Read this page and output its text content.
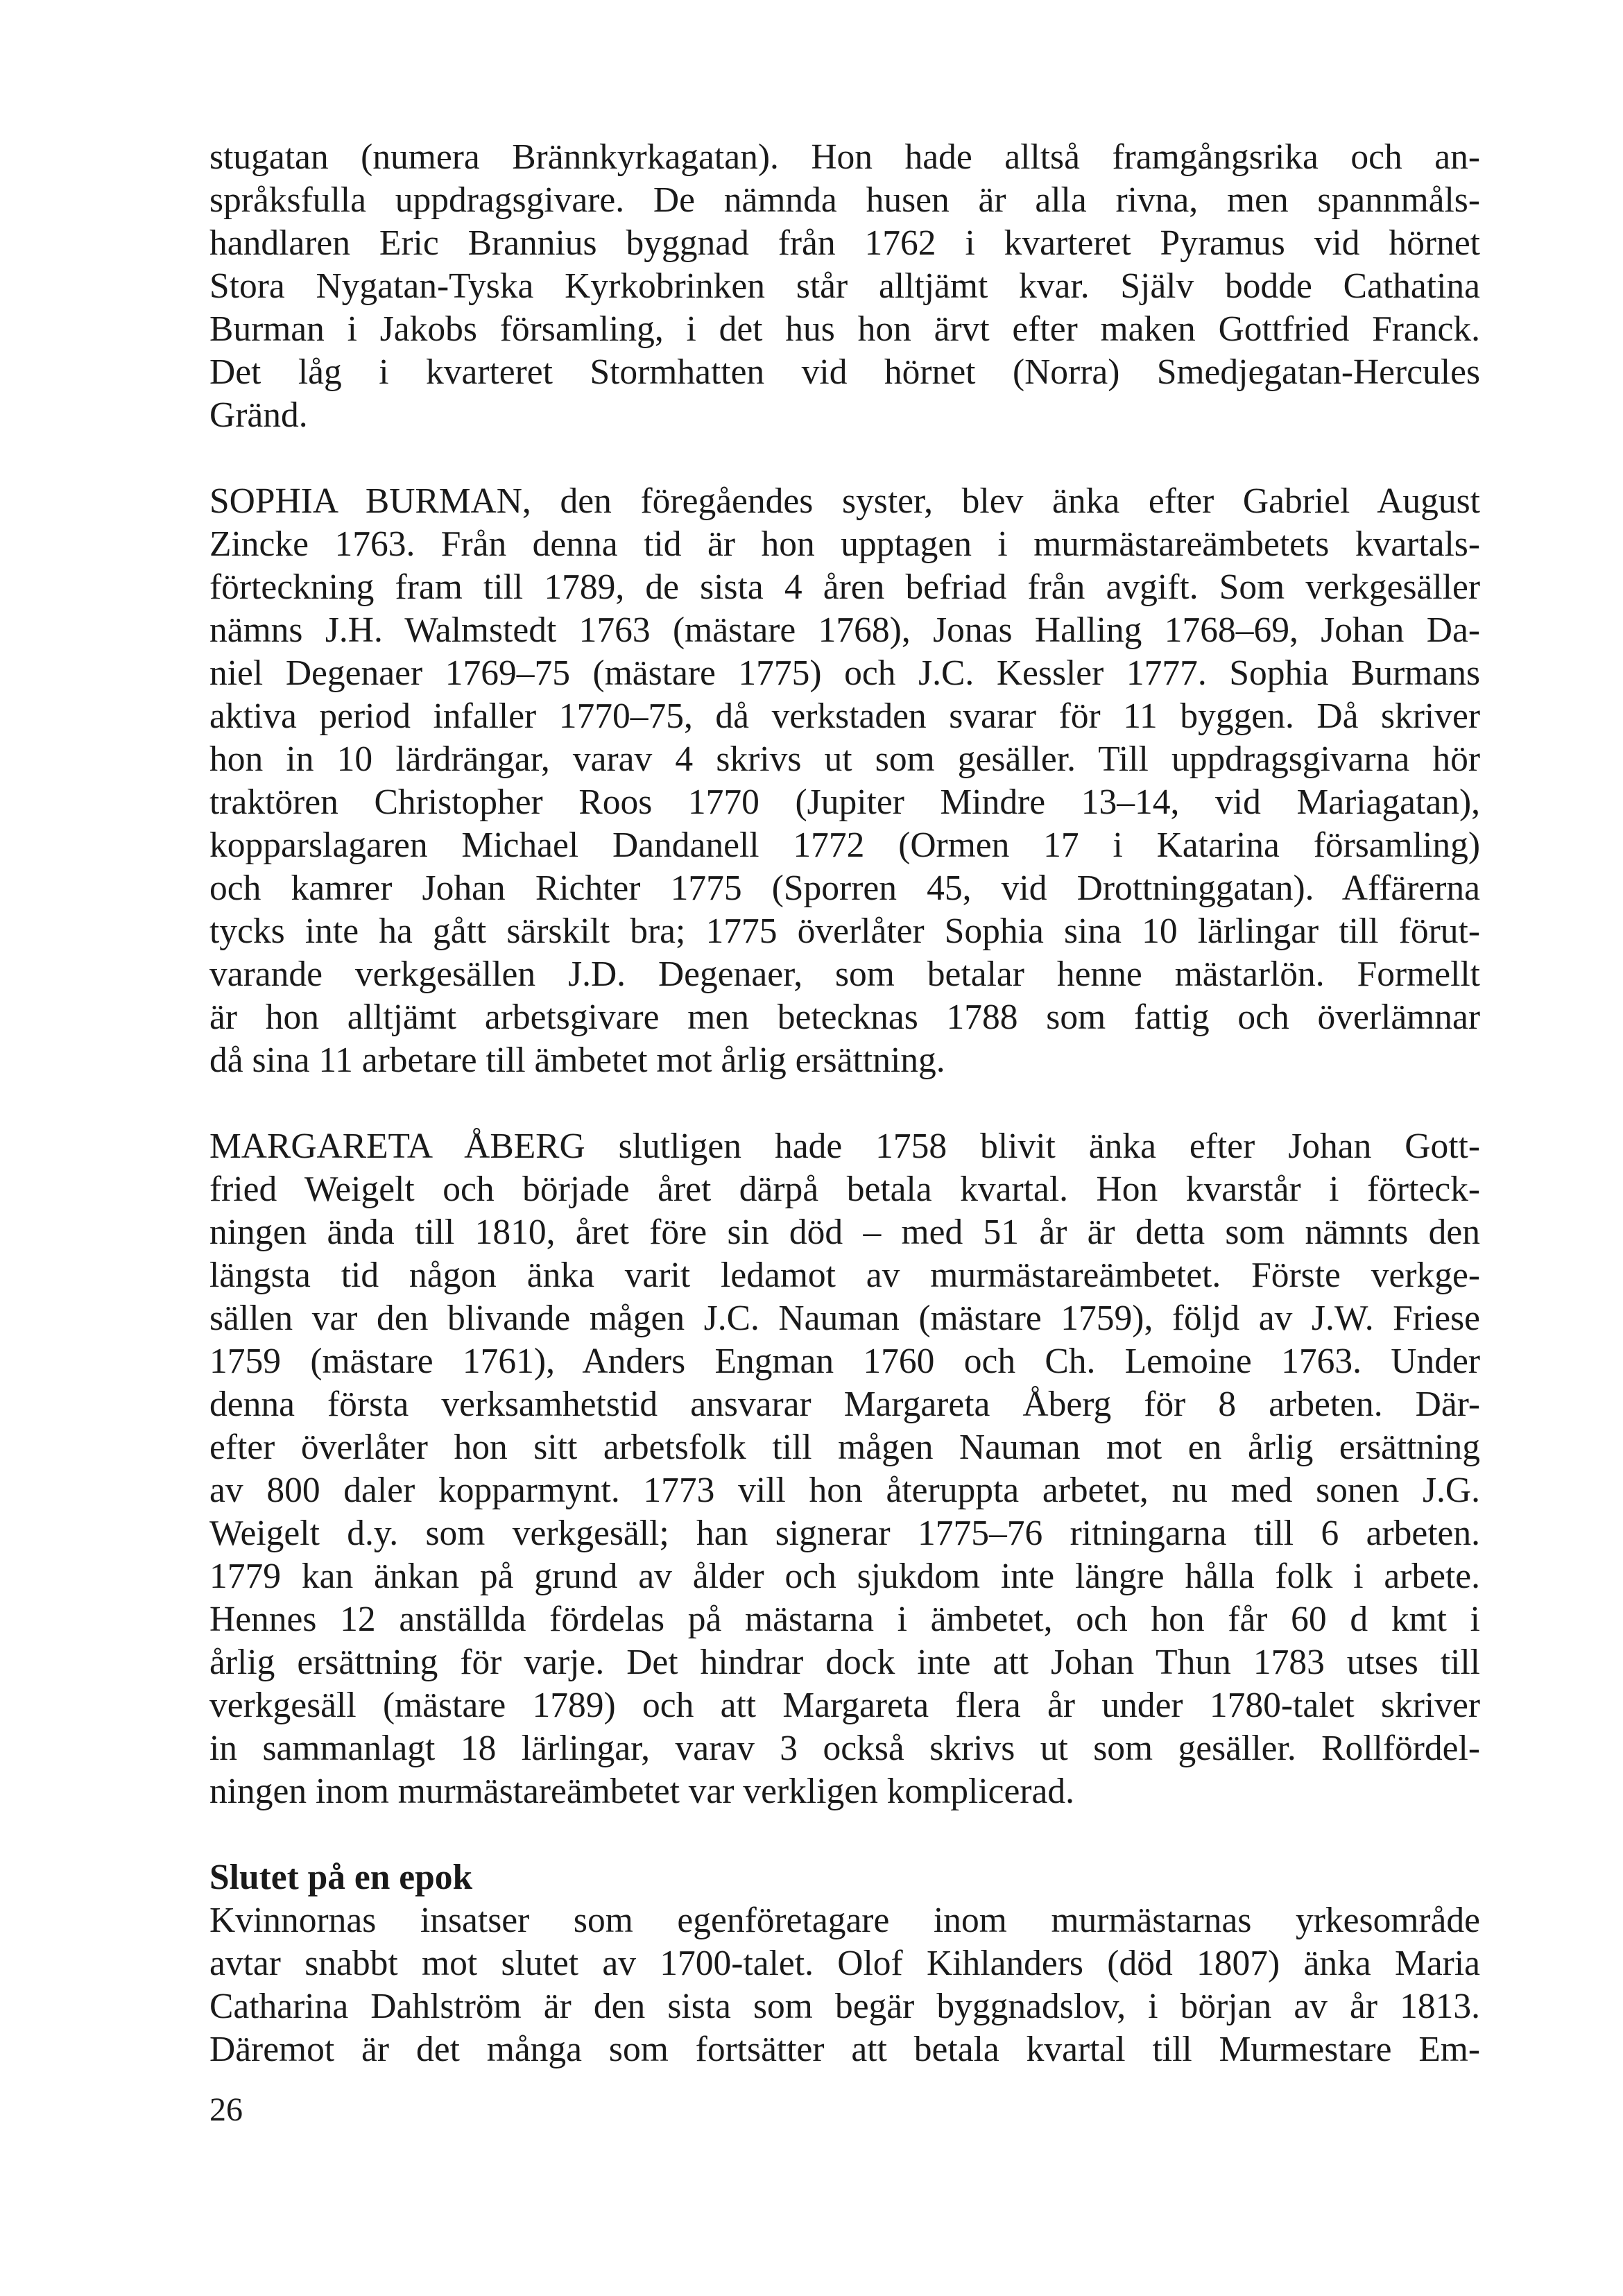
stugatan (numera Brännkyrkagatan). Hon hade alltså framgångsrika och an-
språksfulla uppdragsgivare. De nämnda husen är alla rivna, men spannmåls-
handlaren Eric Brannius byggnad från 1762 i kvarteret Pyramus vid hörnet
Stora Nygatan-Tyska Kyrkobrinken står alltjämt kvar. Själv bodde Cathatina
Burman i Jakobs församling, i det hus hon ärvt efter maken Gottfried Franck.
Det låg i kvarteret Stormhatten vid hörnet (Norra) Smedjegatan-Hercules
Gränd.
SOPHIA BURMAN, den föregåendes syster, blev änka efter Gabriel August
Zincke 1763. Från denna tid är hon upptagen i murmästareämbetets kvartals-
förteckning fram till 1789, de sista 4 åren befriad från avgift. Som verkgesäller
nämns J.H. Walmstedt 1763 (mästare 1768), Jonas Halling 1768–69, Johan Da-
niel Degenaer 1769–75 (mästare 1775) och J.C. Kessler 1777. Sophia Burmans
aktiva period infaller 1770–75, då verkstaden svarar för 11 byggen. Då skriver
hon in 10 lärdrängar, varav 4 skrivs ut som gesäller. Till uppdragsgivarna hör
traktören Christopher Roos 1770 (Jupiter Mindre 13–14, vid Mariagatan),
kopparslagaren Michael Dandanell 1772 (Ormen 17 i Katarina församling)
och kamrer Johan Richter 1775 (Sporren 45, vid Drottninggatan). Affärerna
tycks inte ha gått särskilt bra; 1775 överlåter Sophia sina 10 lärlingar till förut-
varande verkgesällen J.D. Degenaer, som betalar henne mästarlön. Formellt
är hon alltjämt arbetsgivare men betecknas 1788 som fattig och överlämnar
då sina 11 arbetare till ämbetet mot årlig ersättning.
MARGARETA ÅBERG slutligen hade 1758 blivit änka efter Johan Gott-
fried Weigelt och började året därpå betala kvartal. Hon kvarstår i förteck-
ningen ända till 1810, året före sin död – med 51 år är detta som nämnts den
längsta tid någon änka varit ledamot av murmästareämbetet. Förste verkge-
sällen var den blivande mågen J.C. Nauman (mästare 1759), följd av J.W. Friese
1759 (mästare 1761), Anders Engman 1760 och Ch. Lemoine 1763. Under
denna första verksamhetstid ansvarar Margareta Åberg för 8 arbeten. Där-
efter överlåter hon sitt arbetsfolk till mågen Nauman mot en årlig ersättning
av 800 daler kopparmynt. 1773 vill hon återuppta arbetet, nu med sonen J.G.
Weigelt d.y. som verkgesäll; han signerar 1775–76 ritningarna till 6 arbeten.
1779 kan änkan på grund av ålder och sjukdom inte längre hålla folk i arbete.
Hennes 12 anställda fördelas på mästarna i ämbetet, och hon får 60 d kmt i
årlig ersättning för varje. Det hindrar dock inte att Johan Thun 1783 utses till
verkgesäll (mästare 1789) och att Margareta flera år under 1780-talet skriver
in sammanlagt 18 lärlingar, varav 3 också skrivs ut som gesäller. Rollfördel-
ningen inom murmästareämbetet var verkligen komplicerad.
Slutet på en epok
Kvinnornas insatser som egenföretagare inom murmästarnas yrkesområde
avtar snabbt mot slutet av 1700-talet. Olof Kihlanders (död 1807) änka Maria
Catharina Dahlström är den sista som begär byggnadslov, i början av år 1813.
Däremot är det många som fortsätter att betala kvartal till Murmestare Em-
26
